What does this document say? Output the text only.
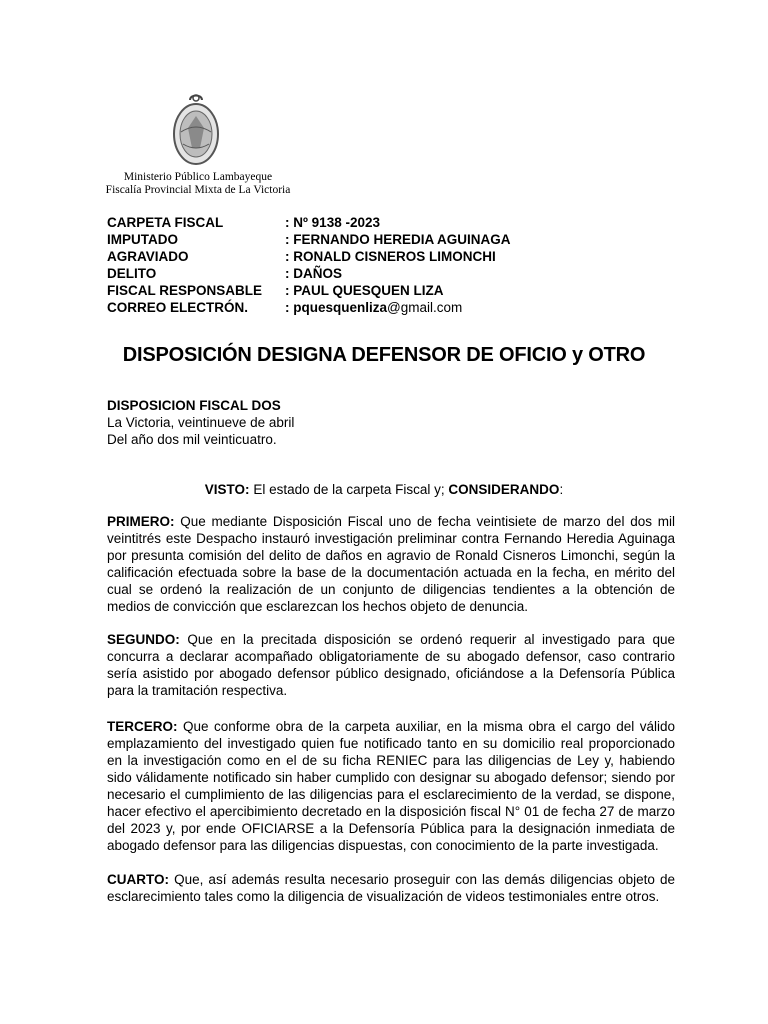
Ministerio Público Lambayeque
Fiscalía Provincial Mixta de La Victoria
CARPETA FISCAL	: Nº 9138 -2023
IMPUTADO	: FERNANDO HEREDIA AGUINAGA
AGRAVIADO	: RONALD CISNEROS LIMONCHI
DELITO	: DAÑOS
FISCAL RESPONSABLE	: PAUL QUESQUEN LIZA
CORREO ELECTRÓN.	: pquesquenliza@gmail.com
DISPOSICIÓN DESIGNA DEFENSOR DE OFICIO y OTRO
DISPOSICION FISCAL DOS
La Victoria, veintinueve de abril
Del año dos mil veinticuatro.
VISTO: El estado de la carpeta Fiscal y; CONSIDERANDO:
PRIMERO: Que mediante Disposición Fiscal uno de fecha veintisiete de marzo del dos mil veintitrés este Despacho instauró investigación preliminar contra Fernando Heredia Aguinaga por presunta comisión del delito de daños en agravio de Ronald Cisneros Limonchi, según la calificación efectuada sobre la base de la documentación actuada en la fecha, en mérito del cual se ordenó la realización de un conjunto de diligencias tendientes a la obtención de medios de convicción que esclarezcan los hechos objeto de denuncia.
SEGUNDO: Que en la precitada disposición se ordenó requerir al investigado para que concurra a declarar acompañado obligatoriamente de su abogado defensor, caso contrario sería asistido por abogado defensor público designado, oficiándose a la Defensoría Pública para la tramitación respectiva.
TERCERO: Que conforme obra de la carpeta auxiliar, en la misma obra el cargo del válido emplazamiento del investigado quien fue notificado tanto en su domicilio real proporcionado en la investigación como en el de su ficha RENIEC para las diligencias de Ley y, habiendo sido válidamente notificado sin haber cumplido con designar su abogado defensor; siendo por necesario el cumplimiento de las diligencias para el esclarecimiento de la verdad, se dispone, hacer efectivo el apercibimiento decretado en la disposición fiscal N° 01 de fecha 27 de marzo del 2023 y, por ende OFICIARSE a la Defensoría Pública para la designación inmediata de abogado defensor para las diligencias dispuestas, con conocimiento de la parte investigada.
CUARTO: Que, así además resulta necesario proseguir con las demás diligencias objeto de esclarecimiento tales como la diligencia de visualización de videos testimoniales entre otros.
